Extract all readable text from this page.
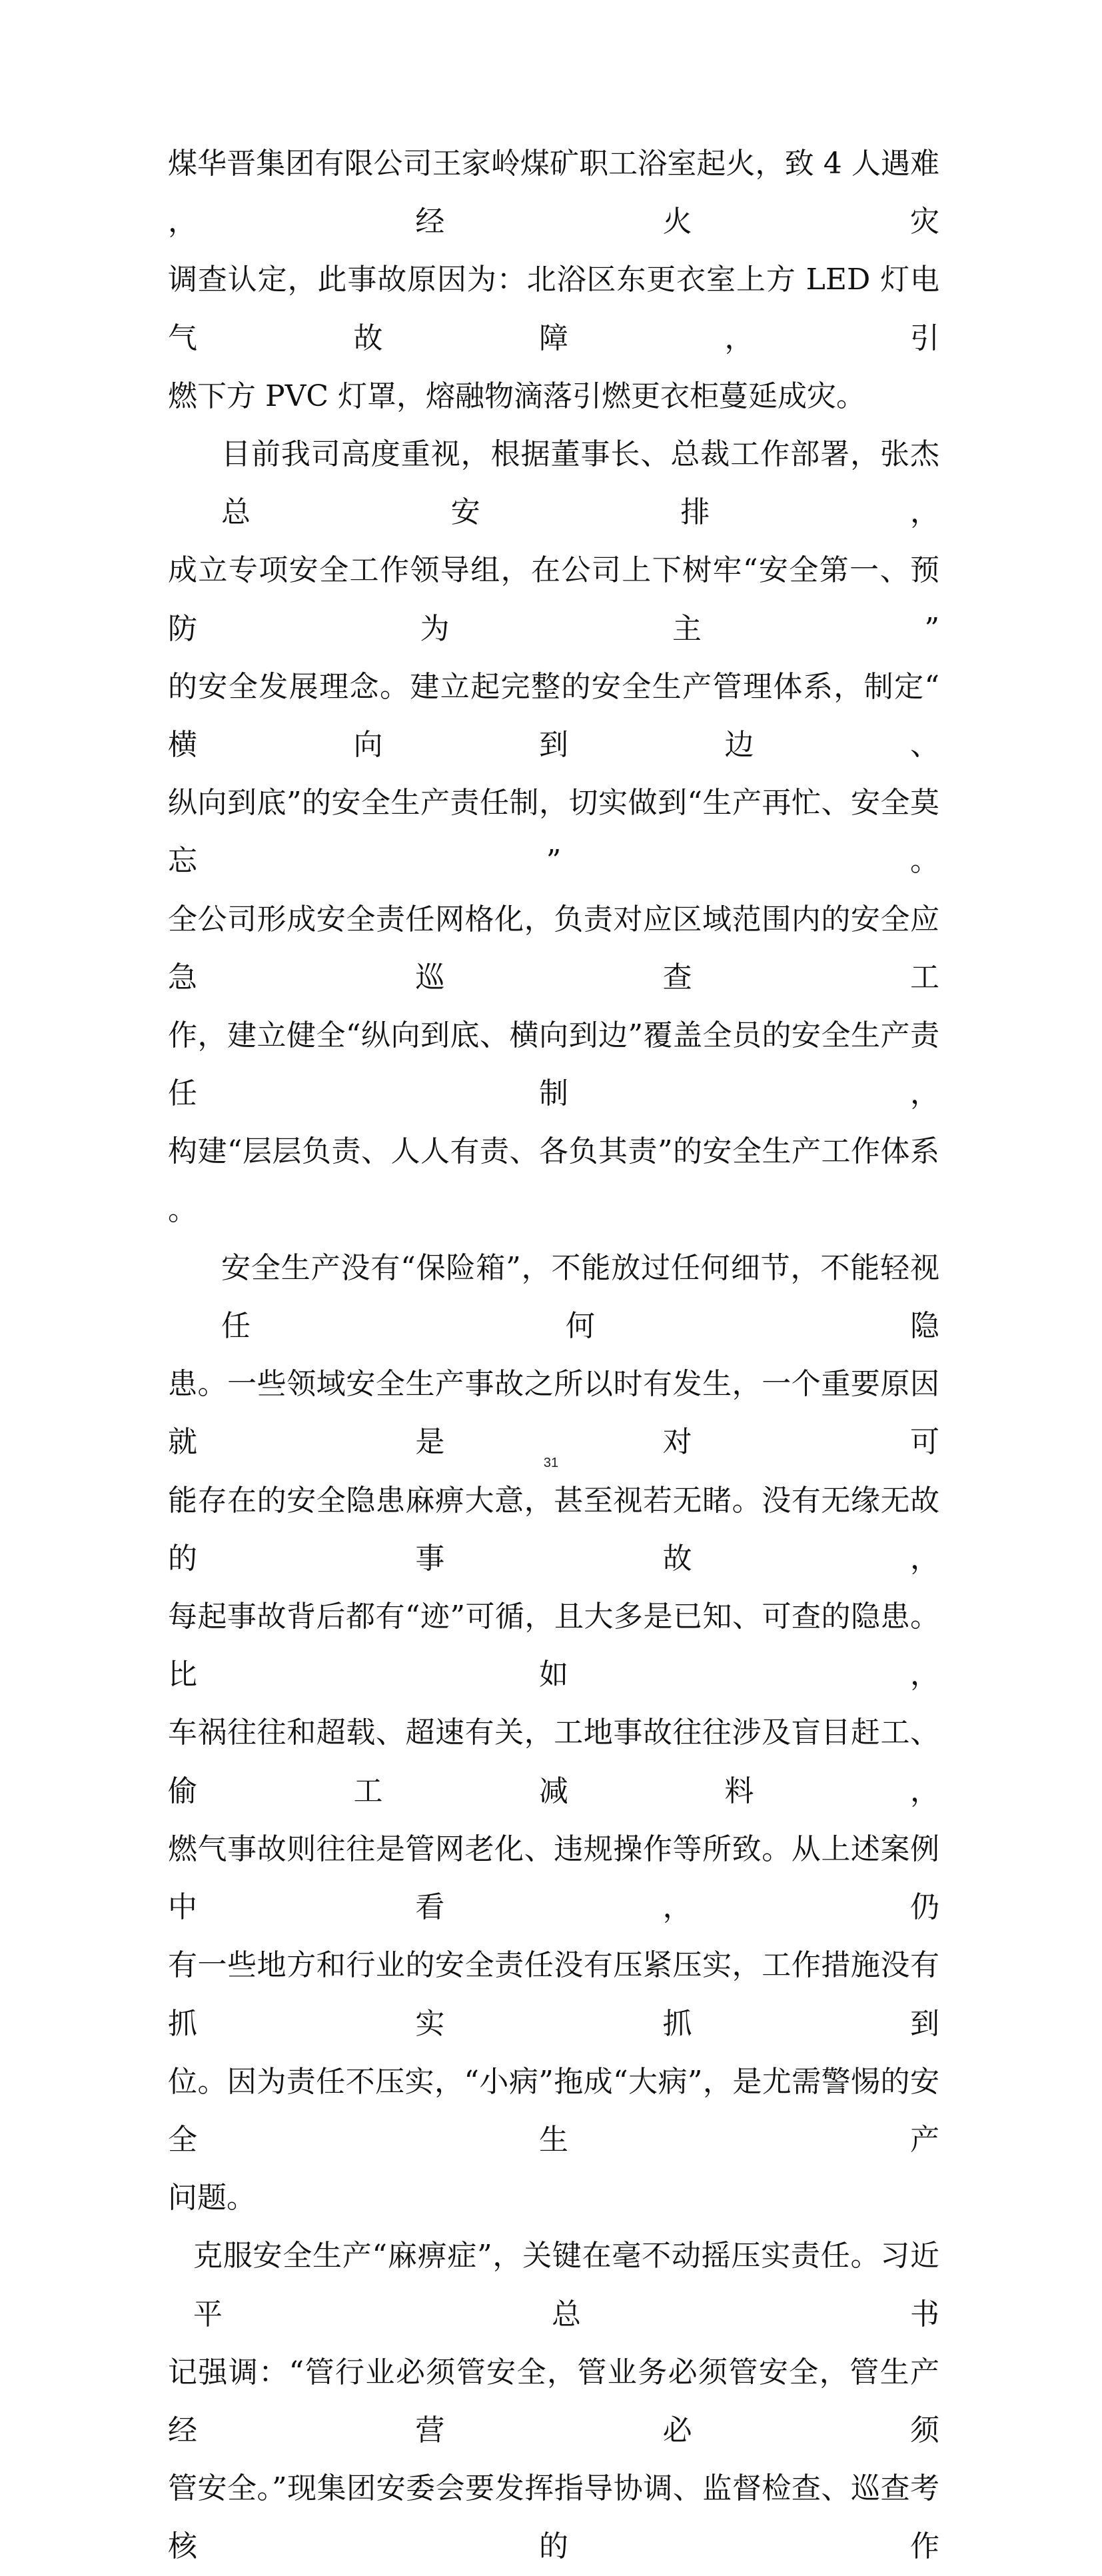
煤华晋集团有限公司王家岭煤矿职工浴室起火，致 4 人遇难，经火灾
调查认定，此事故原因为：北浴区东更衣室上方 LED 灯电气故障，引
燃下方 PVC 灯罩，熔融物滴落引燃更衣柜蔓延成灾。
目前我司高度重视，根据董事长、总裁工作部署，张杰总安排，
成立专项安全工作领导组，在公司上下树牢“安全第一、预防为主”
的安全发展理念。建立起完整的安全生产管理体系，制定“横向到边、
纵向到底”的安全生产责任制，切实做到“生产再忙、安全莫忘”。
全公司形成安全责任网格化，负责对应区域范围内的安全应急巡查工
作，建立健全“纵向到底、横向到边”覆盖全员的安全生产责任制，
构建“层层负责、人人有责、各负其责”的安全生产工作体系。
安全生产没有“保险箱”，不能放过任何细节，不能轻视任何隐
患。一些领域安全生产事故之所以时有发生，一个重要原因就是对可
能存在的安全隐患麻痹大意，甚至视若无睹。没有无缘无故的事故，
每起事故背后都有“迹”可循，且大多是已知、可查的隐患。比如，
车祸往往和超载、超速有关，工地事故往往涉及盲目赶工、偷工减料，
燃气事故则往往是管网老化、违规操作等所致。从上述案例中看，仍
有一些地方和行业的安全责任没有压紧压实，工作措施没有抓实抓到
位。因为责任不压实，“小病”拖成“大病”，是尤需警惕的安全生产
问题。
克服安全生产“麻痹症”，关键在毫不动摇压实责任。习近平总书
记强调：“管行业必须管安全，管业务必须管安全，管生产经营必须
管安全。”现集团安委会要发挥指导协调、监督检查、巡查考核的作
31
